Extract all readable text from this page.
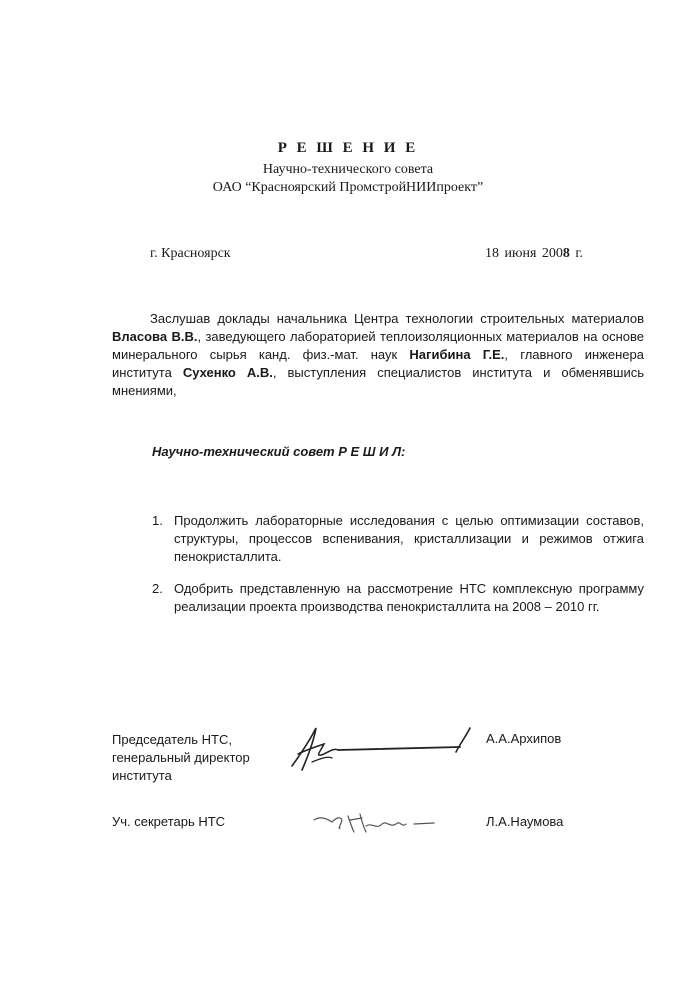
Р Е Ш Е Н И Е

Научно-технического совета

ОАО “Красноярский ПромстройНИИпроект”

г. Красноярск	18 июня 2008 г.

Заслушав доклады начальника Центра технологии строительных материалов
Власова В.В., заведующего лабораторией теплоизоляционных материалов на основе
минерального сырья канд. физ.-мат. наук Нагибина Г.Е., главного инженера
института Сухенко А.В., выступления специалистов института и обменявшись
мнениями,

Научно-технический совет Р Е Ш И Л:

1. Продолжить лабораторные исследования с целью оптимизации составов, структуры, процессов вспенивания, кристаллизации и режимов отжига пенокристаллита.
2. Одобрить представленную на рассмотрение НТС комплексную программу реализации проекта производства пенокристаллита на 2008 – 2010 гг.
Председатель НТС,
генеральный директор
института

А.А.Архипов

Уч. секретарь НТС	Л.А.Наумова
